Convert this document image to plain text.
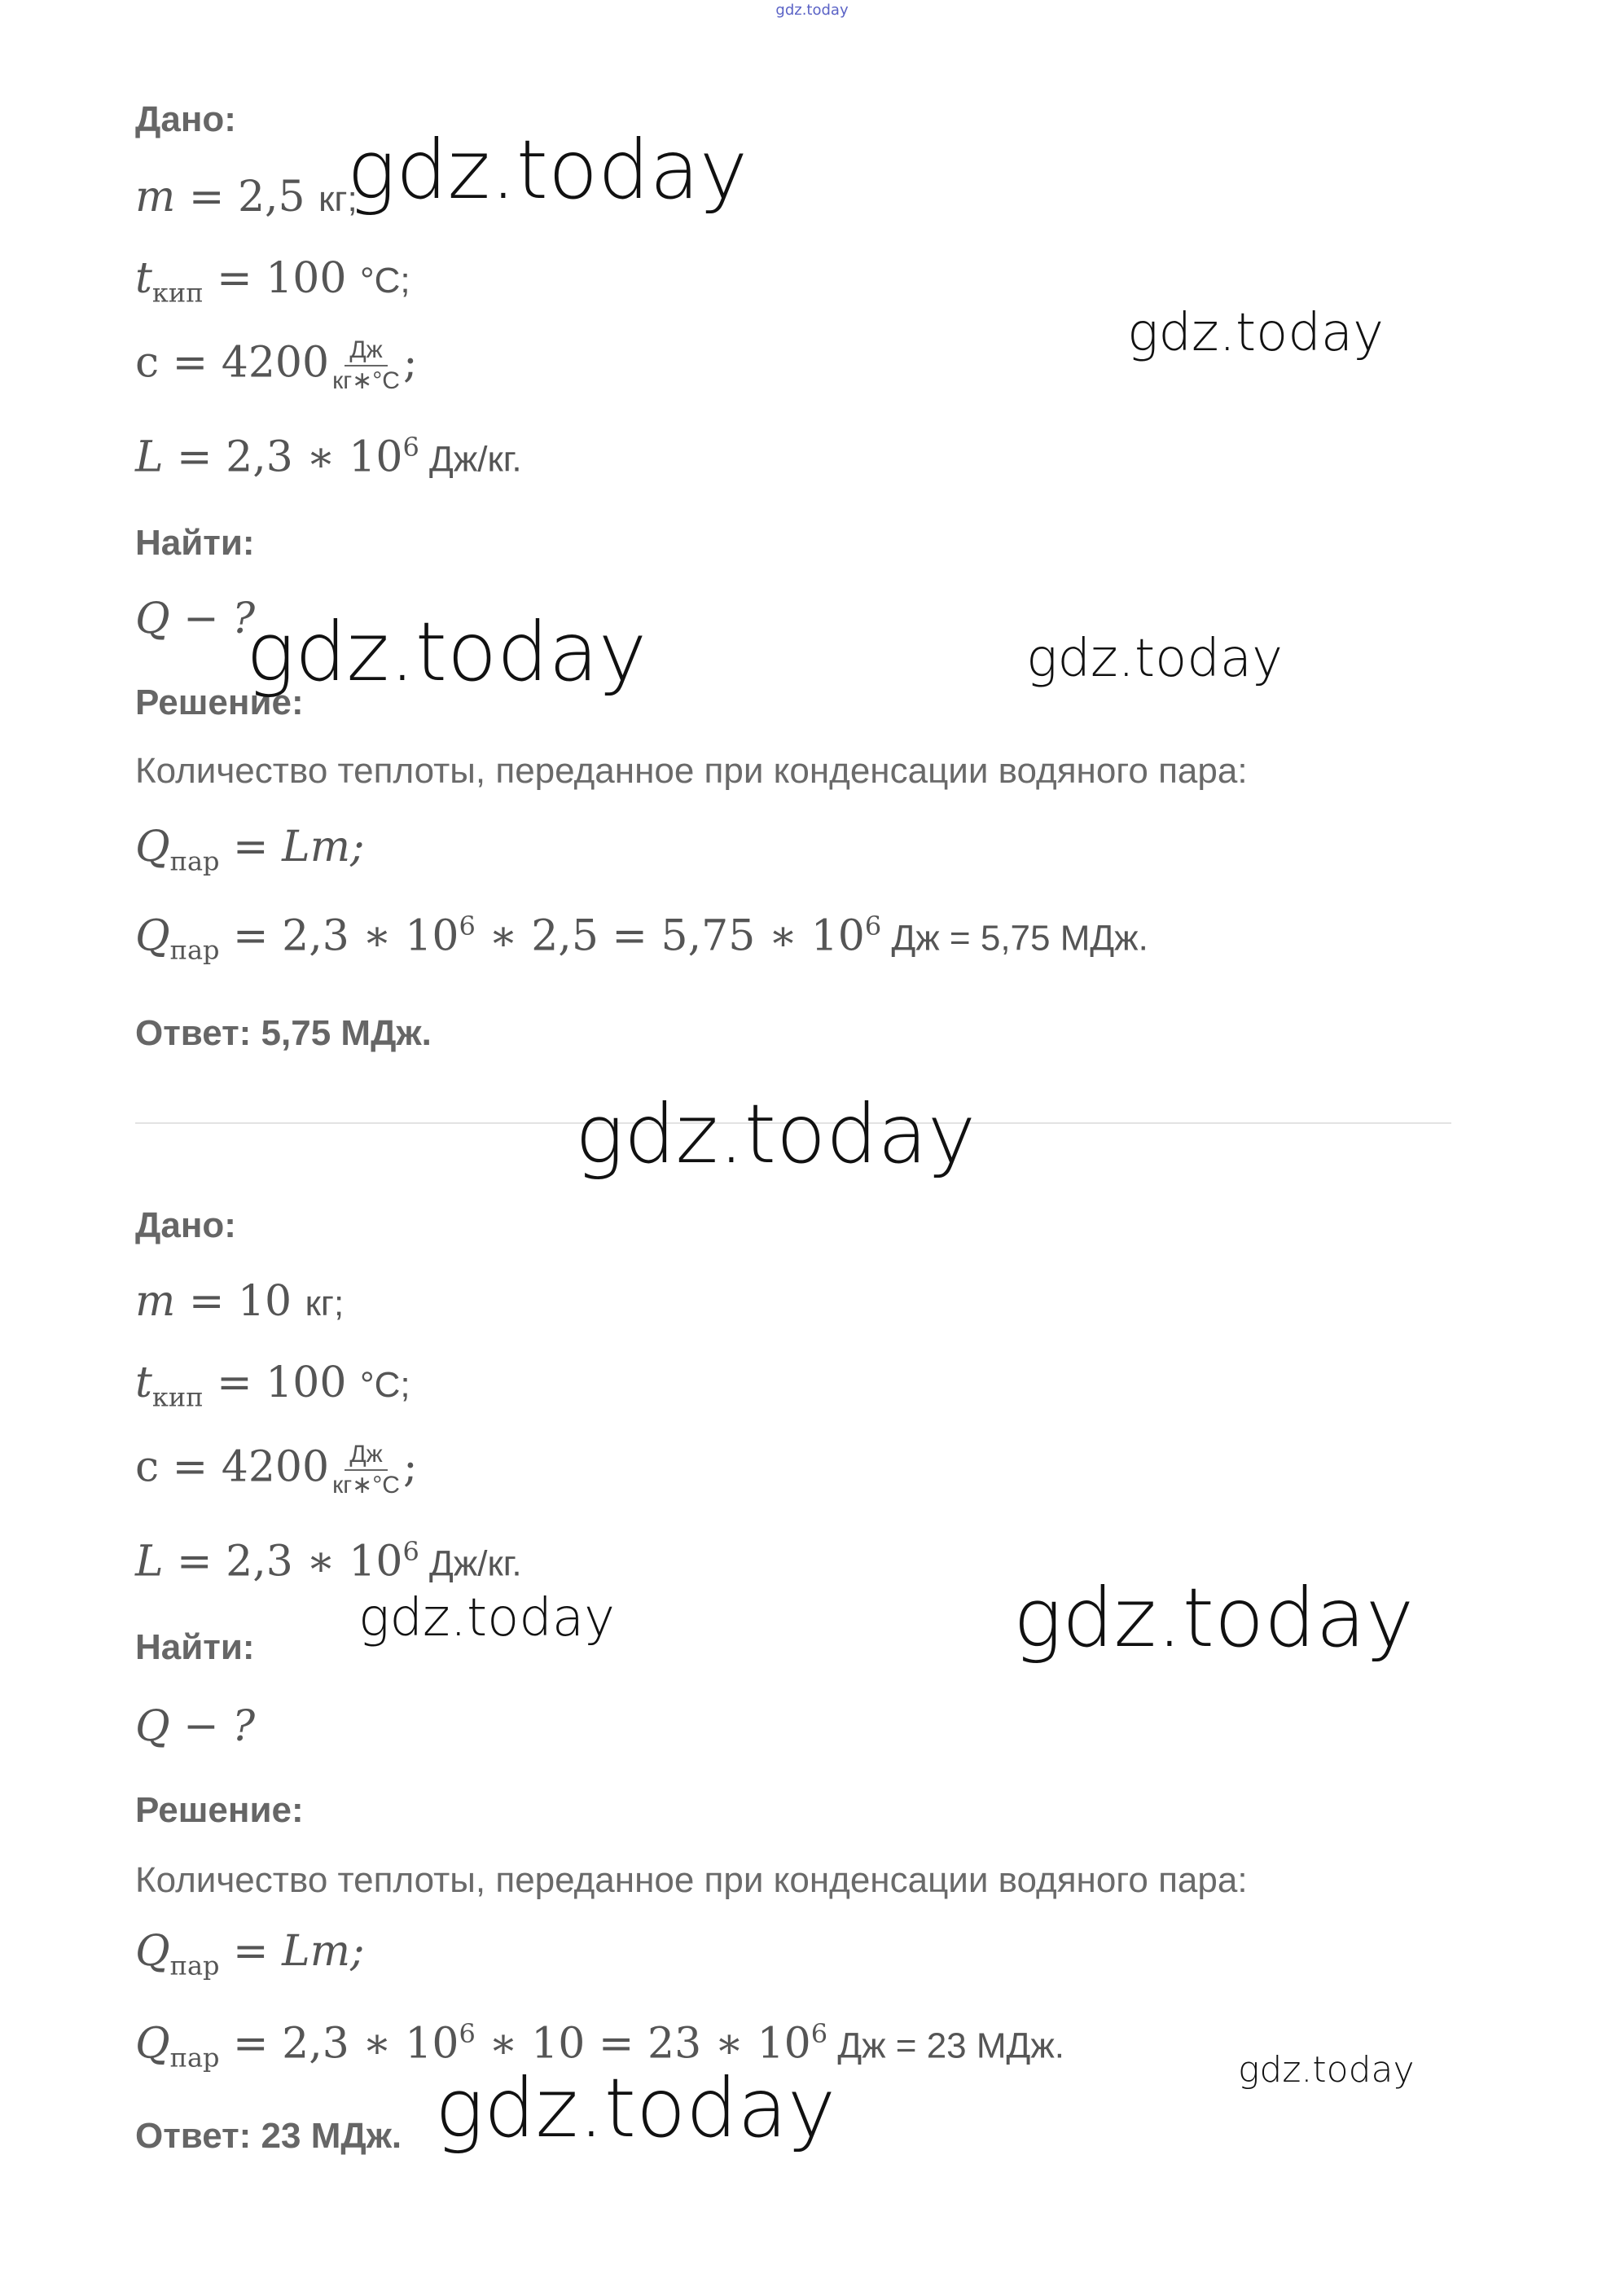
gdz.today
Дано:
m = 2,5 кг;
$t_{кип} = 100$ °C;
$c = 4200 \frac{Дж}{кг∗^\circ C}$ ;
L = 2,3 ∗ $10^6$ Дж/кг.
Найти:
Q − ?
Решение:
Количество теплоты, переданное при конденсации водяного пара:
$Q_{пар} = Lm$;
$Q_{пар} = 2,3$ ∗ $10^6$ ∗ 2,5 = 5,75 ∗ $10^6$ Дж = 5,75 МДж.
Ответ: 5,75 МДж.
Дано:
m = 10 кг;
$t_{кип} = 100$ °C;
$c = 4200 \frac{Дж}{кг∗^\circ C}$ ;
L = 2,3 ∗ $10^6$ Дж/кг.
Найти:
Q − ?
Решение:
Количество теплоты, переданное при конденсации водяного пара:
$Q_{пар} = Lm$;
$Q_{пар} = 2,3$ ∗ $10^6$ ∗ 10 = 23 ∗ $10^6$ Дж = 23 МДж.
Ответ: 23 МДж.
gdz.today
gdz.today
gdz.today	gdz.today
gdz.today
gdz.today	gdz.today
gdz.today
gdz.today
